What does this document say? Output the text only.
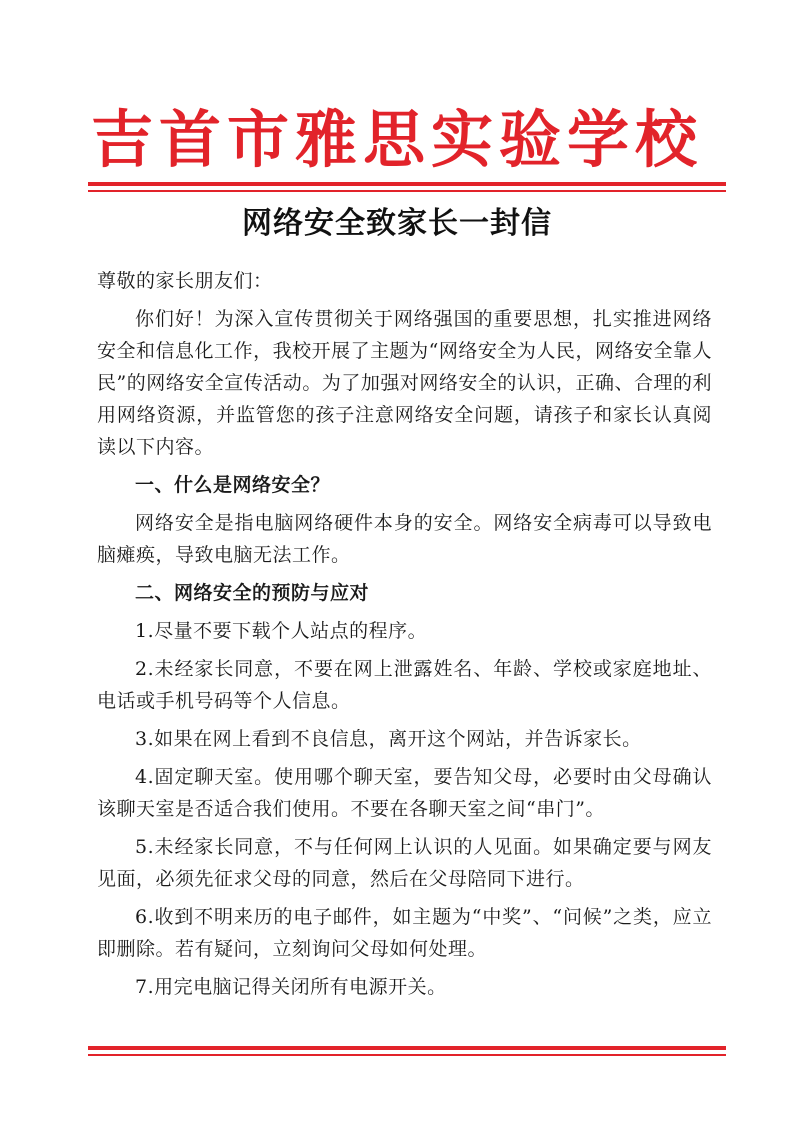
吉首市雅思实验学校
网络安全致家长一封信

尊敬的家长朋友们：

你们好！为深入宣传贯彻关于网络强国的重要思想，扎实推进网络安全和信息化工作，我校开展了主题为“网络安全为人民，网络安全靠人民”的网络安全宣传活动。为了加强对网络安全的认识，正确、合理的利用网络资源，并监管您的孩子注意网络安全问题，请孩子和家长认真阅读以下内容。

一、什么是网络安全？

网络安全是指电脑网络硬件本身的安全。网络安全病毒可以导致电脑瘫痪，导致电脑无法工作。

二、网络安全的预防与应对

1.尽量不要下载个人站点的程序。

2.未经家长同意，不要在网上泄露姓名、年龄、学校或家庭地址、电话或手机号码等个人信息。

3.如果在网上看到不良信息，离开这个网站，并告诉家长。

4.固定聊天室。使用哪个聊天室，要告知父母，必要时由父母确认该聊天室是否适合我们使用。不要在各聊天室之间“串门”。

5.未经家长同意，不与任何网上认识的人见面。如果确定要与网友见面，必须先征求父母的同意，然后在父母陪同下进行。

6.收到不明来历的电子邮件，如主题为“中奖”、“问候”之类，应立即删除。若有疑问，立刻询问父母如何处理。

7.用完电脑记得关闭所有电源开关。
